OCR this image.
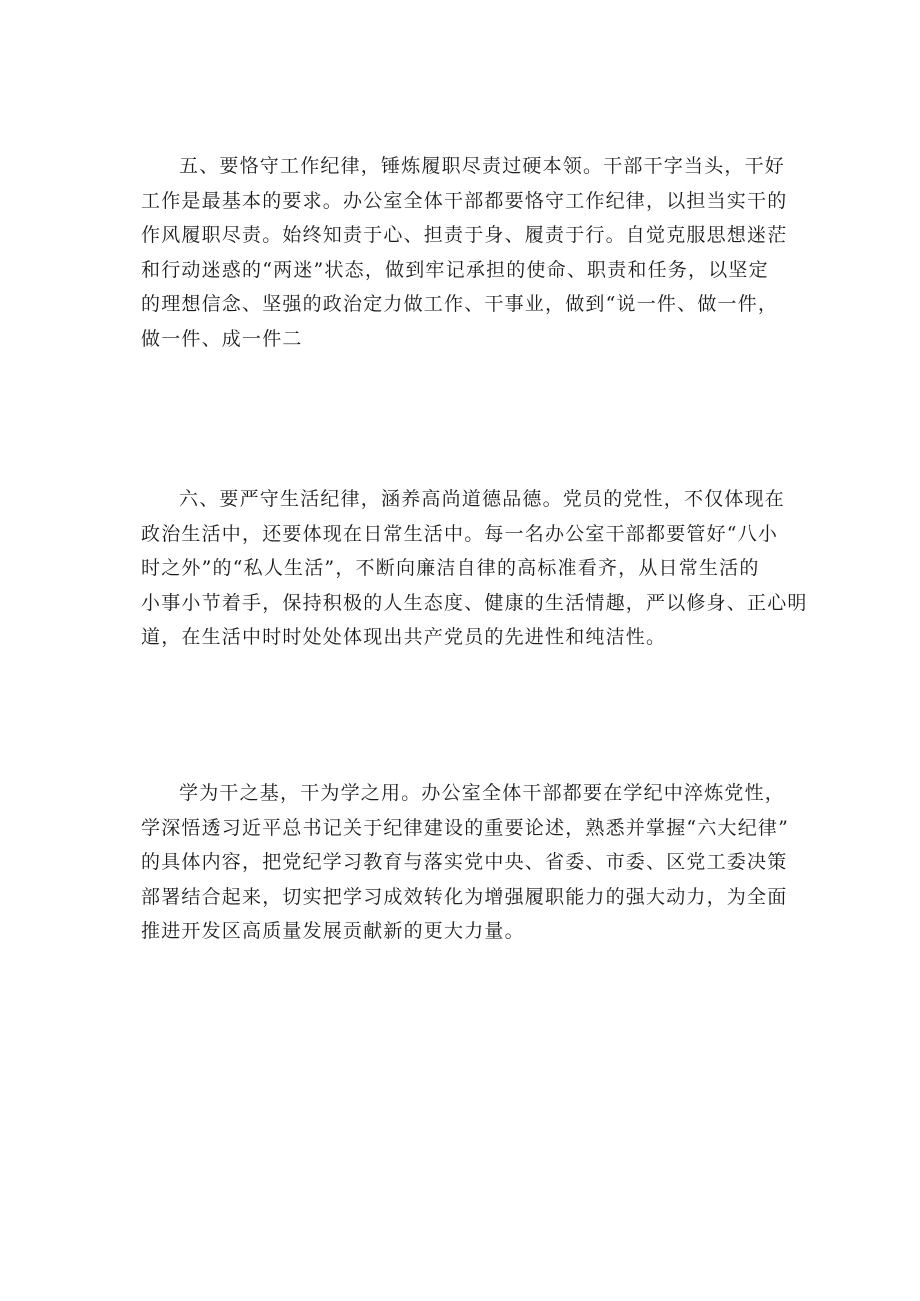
五、要恪守工作纪律，锤炼履职尽责过硬本领。干部干字当头，干好
工作是最基本的要求。办公室全体干部都要恪守工作纪律，以担当实干的
作风履职尽责。始终知责于心、担责于身、履责于行。自觉克服思想迷茫
和行动迷惑的“两迷”状态，做到牢记承担的使命、职责和任务，以坚定
的理想信念、坚强的政治定力做工作、干事业，做到“说一件、做一件，
做一件、成一件二

六、要严守生活纪律，涵养高尚道德品德。党员的党性，不仅体现在
政治生活中，还要体现在日常生活中。每一名办公室干部都要管好“八小
时之外”的“私人生活”，不断向廉洁自律的高标准看齐，从日常生活的
小事小节着手，保持积极的人生态度、健康的生活情趣，严以修身、正心明
道，在生活中时时处处体现出共产党员的先进性和纯洁性。

学为干之基，干为学之用。办公室全体干部都要在学纪中淬炼党性，
学深悟透习近平总书记关于纪律建设的重要论述，熟悉并掌握“六大纪律”
的具体内容，把党纪学习教育与落实党中央、省委、市委、区党工委决策
部署结合起来，切实把学习成效转化为增强履职能力的强大动力，为全面
推进开发区高质量发展贡献新的更大力量。
